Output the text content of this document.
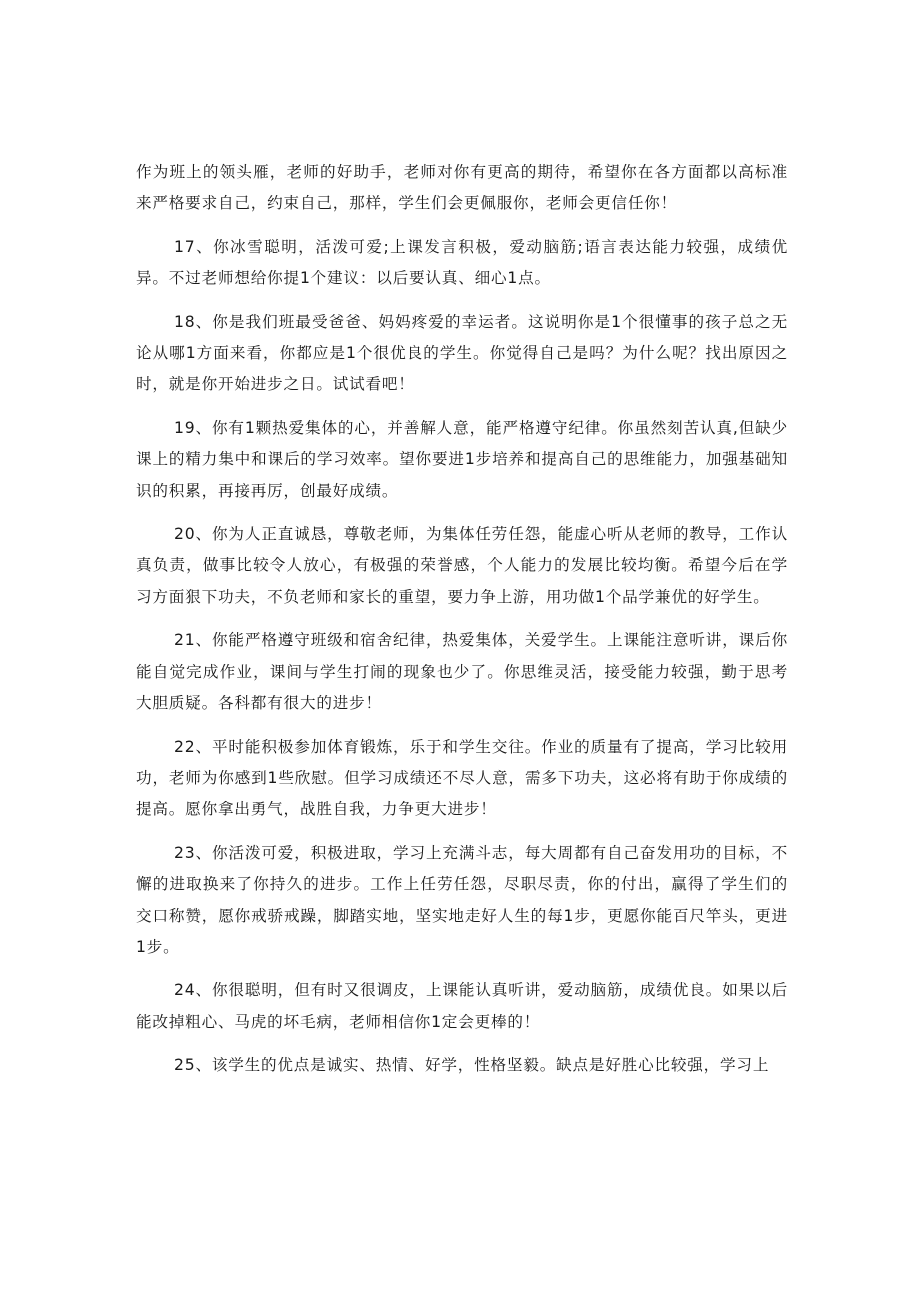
作为班上的领头雁，老师的好助手，老师对你有更高的期待，希望你在各方面都以高标准来严格要求自己，约束自己，那样，学生们会更佩服你，老师会更信任你！

17、你冰雪聪明，活泼可爱;上课发言积极，爱动脑筋;语言表达能力较强，成绩优异。不过老师想给你提1个建议：以后要认真、细心1点。

18、你是我们班最受爸爸、妈妈疼爱的幸运者。这说明你是1个很懂事的孩子总之无论从哪1方面来看，你都应是1个很优良的学生。你觉得自己是吗？为什么呢？找出原因之时，就是你开始进步之日。试试看吧！

19、你有1颗热爱集体的心，并善解人意，能严格遵守纪律。你虽然刻苦认真,但缺少课上的精力集中和课后的学习效率。望你要进1步培养和提高自己的思维能力，加强基础知识的积累，再接再厉，创最好成绩。

20、你为人正直诚恳，尊敬老师，为集体任劳任怨，能虚心听从老师的教导，工作认真负责，做事比较令人放心，有极强的荣誉感，个人能力的发展比较均衡。希望今后在学习方面狠下功夫，不负老师和家长的重望，要力争上游，用功做1个品学兼优的好学生。

21、你能严格遵守班级和宿舍纪律，热爱集体，关爱学生。上课能注意听讲，课后你能自觉完成作业，课间与学生打闹的现象也少了。你思维灵活，接受能力较强，勤于思考大胆质疑。各科都有很大的进步！

22、平时能积极参加体育锻炼，乐于和学生交往。作业的质量有了提高，学习比较用功，老师为你感到1些欣慰。但学习成绩还不尽人意，需多下功夫，这必将有助于你成绩的提高。愿你拿出勇气，战胜自我，力争更大进步！

23、你活泼可爱，积极进取，学习上充满斗志，每大周都有自己奋发用功的目标，不懈的进取换来了你持久的进步。工作上任劳任怨，尽职尽责，你的付出，赢得了学生们的交口称赞，愿你戒骄戒躁，脚踏实地，坚实地走好人生的每1步，更愿你能百尺竿头，更进1步。

24、你很聪明，但有时又很调皮，上课能认真听讲，爱动脑筋，成绩优良。如果以后能改掉粗心、马虎的坏毛病，老师相信你1定会更棒的！

25、该学生的优点是诚实、热情、好学，性格坚毅。缺点是好胜心比较强，学习上
